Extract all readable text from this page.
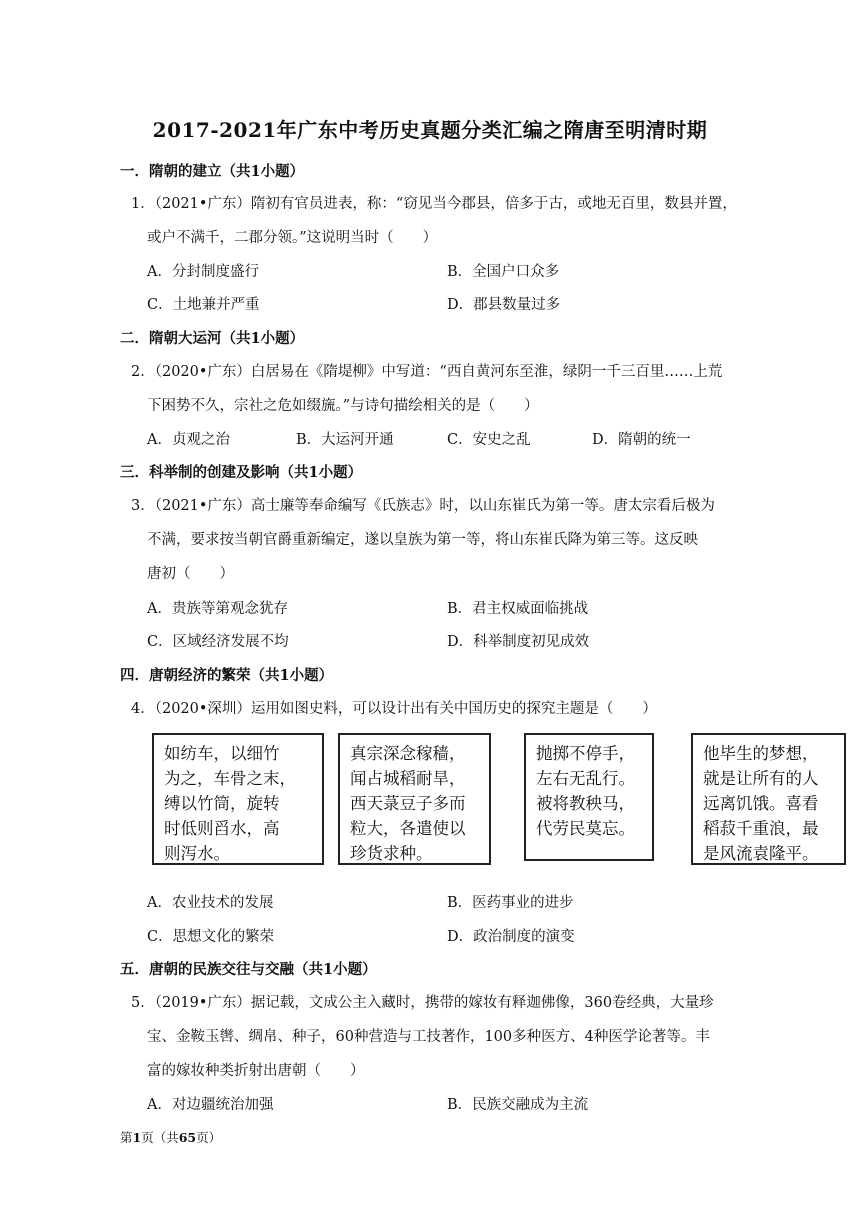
2017-2021年广东中考历史真题分类汇编之隋唐至明清时期
一．隋朝的建立（共1小题）
1．（2021•广东）隋初有官员进表，称：“窃见当今郡县，倍多于古，或地无百里，数县并置，
或户不满千，二郡分领。”这说明当时（　　）
A．分封制度盛行	B．全国户口众多
C．土地兼并严重	D．郡县数量过多
二．隋朝大运河（共1小题）
2．（2020•广东）白居易在《隋堤柳》中写道：“西自黄河东至淮，绿阴一千三百里……上荒
下困势不久，宗社之危如缀旒。”与诗句描绘相关的是（　　）
A．贞观之治	B．大运河开通	C．安史之乱	D．隋朝的统一
三．科举制的创建及影响（共1小题）
3．（2021•广东）高士廉等奉命编写《氏族志》时，以山东崔氏为第一等。唐太宗看后极为
不满，要求按当朝官爵重新编定，遂以皇族为第一等，将山东崔氏降为第三等。这反映
唐初（　　）
A．贵族等第观念犹存	B．君主权威面临挑战
C．区域经济发展不均	D．科举制度初见成效
四．唐朝经济的繁荣（共1小题）
4．（2020•深圳）运用如图史料，可以设计出有关中国历史的探究主题是（　　）
如纺车，以细竹
为之，车骨之末，
缚以竹筒，旋转
时低则舀水，高
则泻水。
真宗深念稼穑，
闻占城稻耐旱，
西天菉豆子多而
粒大，各遣使以
珍货求种。
抛掷不停手，
左右无乱行。
被将教秧马，
代劳民莫忘。
他毕生的梦想，
就是让所有的人
远离饥饿。喜看
稻菽千重浪，最
是风流袁隆平。
A．农业技术的发展	B．医药事业的进步
C．思想文化的繁荣	D．政治制度的演变
五．唐朝的民族交往与交融（共1小题）
5．（2019•广东）据记载，文成公主入藏时，携带的嫁妆有释迦佛像，360卷经典，大量珍
宝、金鞍玉辔、绸帛、种子，60种营造与工技著作，100多种医方、4种医学论著等。丰
富的嫁妆种类折射出唐朝（　　）
A．对边疆统治加强	B．民族交融成为主流
第1页（共65页）
